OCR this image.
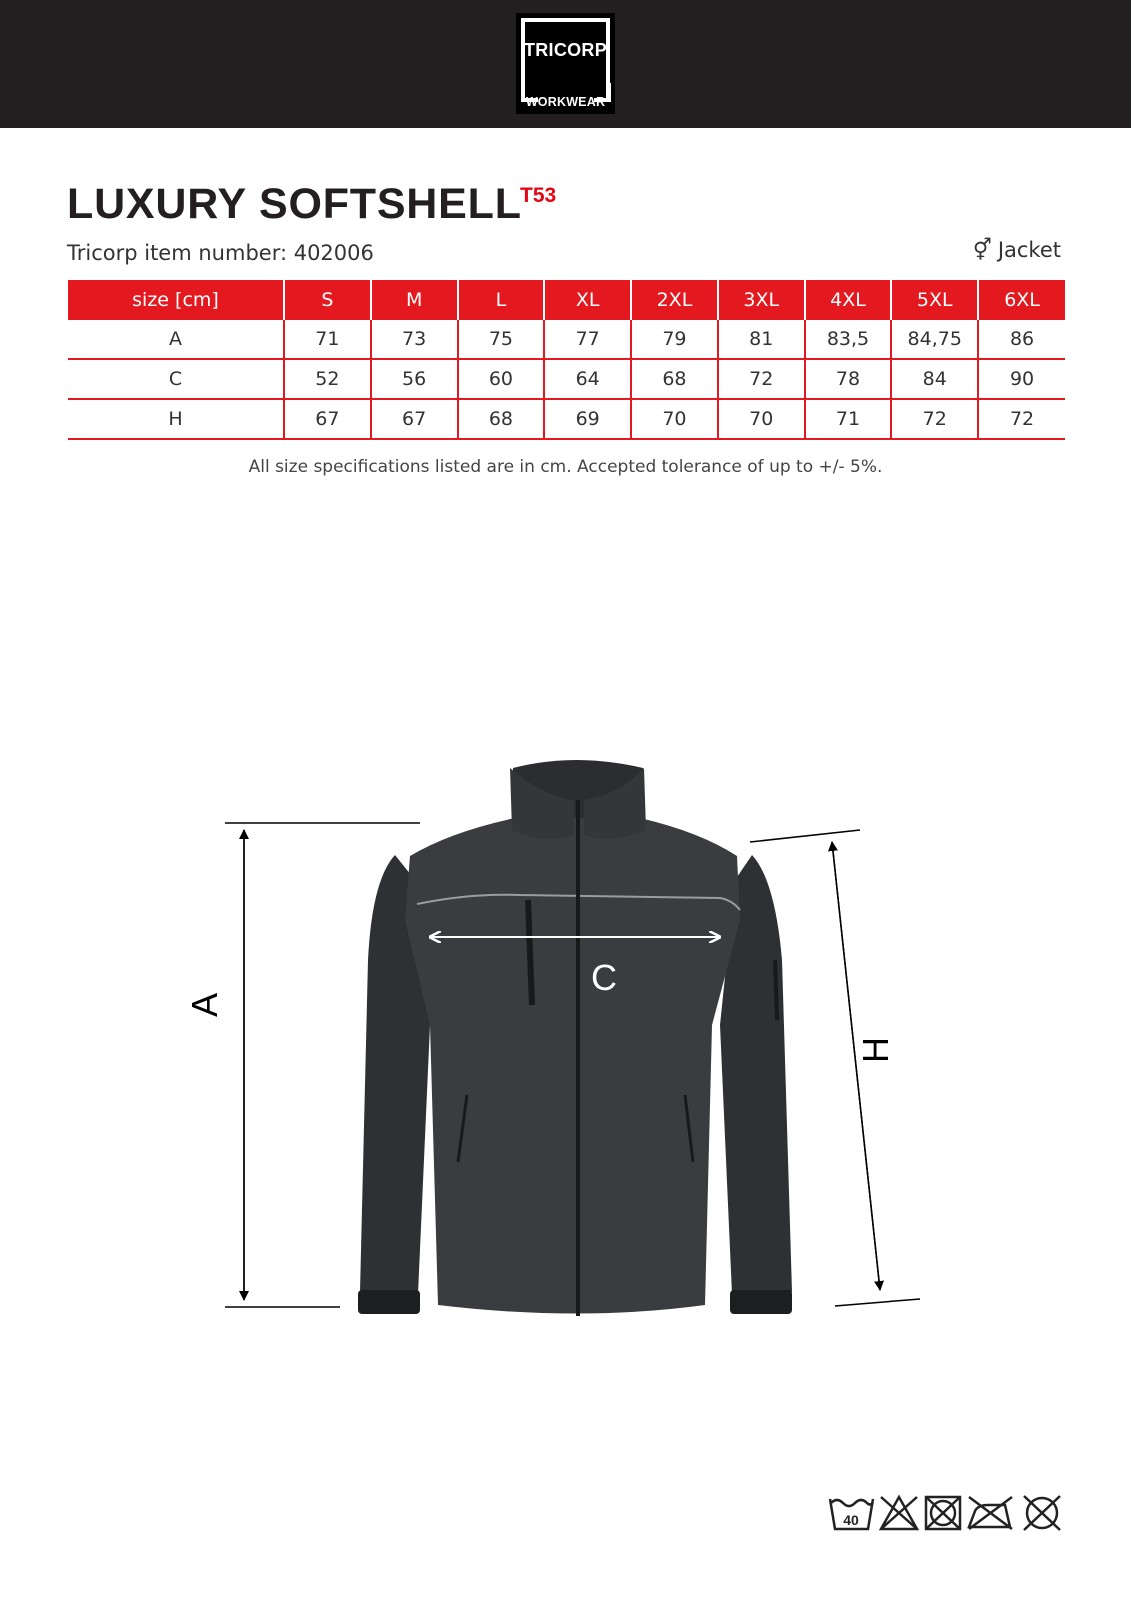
TRICORP
WORKWEAR
LUXURY SOFTSHELL
T53
Tricorp item number: 402006	⚥ Jacket
size [cm]	S	M	L	XL	2XL	3XL	4XL	5XL	6XL
A	71	73	75	77	79	81	83,5	84,75	86
C	52	56	60	64	68	72	78	84	90
H	67	67	68	69	70	70	71	72	72
All size specifications listed are in cm. Accepted tolerance of up to +/- 5%.
A
C
H
40
